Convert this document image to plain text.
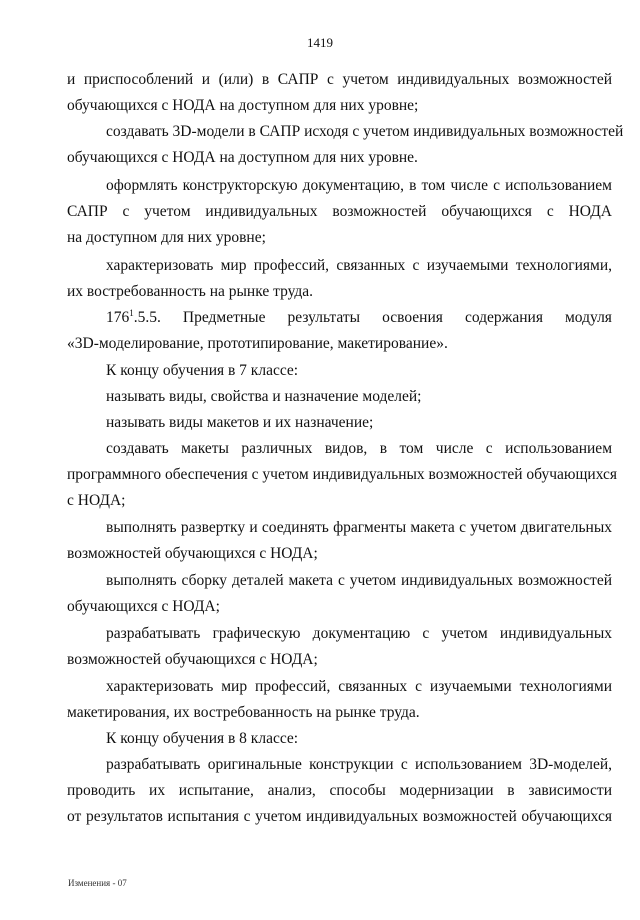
1419
и приспособлений и (или) в САПР с учетом индивидуальных возможностей
обучающихся с НОДА на доступном для них уровне;
создавать 3D-модели в САПР исходя с учетом индивидуальных возможностей
обучающихся с НОДА на доступном для них уровне.
оформлять конструкторскую документацию, в том числе с использованием
САПР с учетом индивидуальных возможностей обучающихся с НОДА
на доступном для них уровне;
характеризовать мир профессий, связанных с изучаемыми технологиями,
их востребованность на рынке труда.
$176^1.5.5$. Предметные результаты освоения содержания модуля
«3D-моделирование, прототипирование, макетирование».
К концу обучения в 7 классе:
называть виды, свойства и назначение моделей;
называть виды макетов и их назначение;
создавать макеты различных видов, в том числе с использованием
программного обеспечения с учетом индивидуальных возможностей обучающихся
с НОДА;
выполнять развертку и соединять фрагменты макета с учетом двигательных
возможностей обучающихся с НОДА;
выполнять сборку деталей макета с учетом индивидуальных возможностей
обучающихся с НОДА;
разрабатывать графическую документацию с учетом индивидуальных
возможностей обучающихся с НОДА;
характеризовать мир профессий, связанных с изучаемыми технологиями
макетирования, их востребованность на рынке труда.
К концу обучения в 8 классе:
разрабатывать оригинальные конструкции с использованием 3D-моделей,
проводить их испытание, анализ, способы модернизации в зависимости
от результатов испытания с учетом индивидуальных возможностей обучающихся
Изменения - 07
